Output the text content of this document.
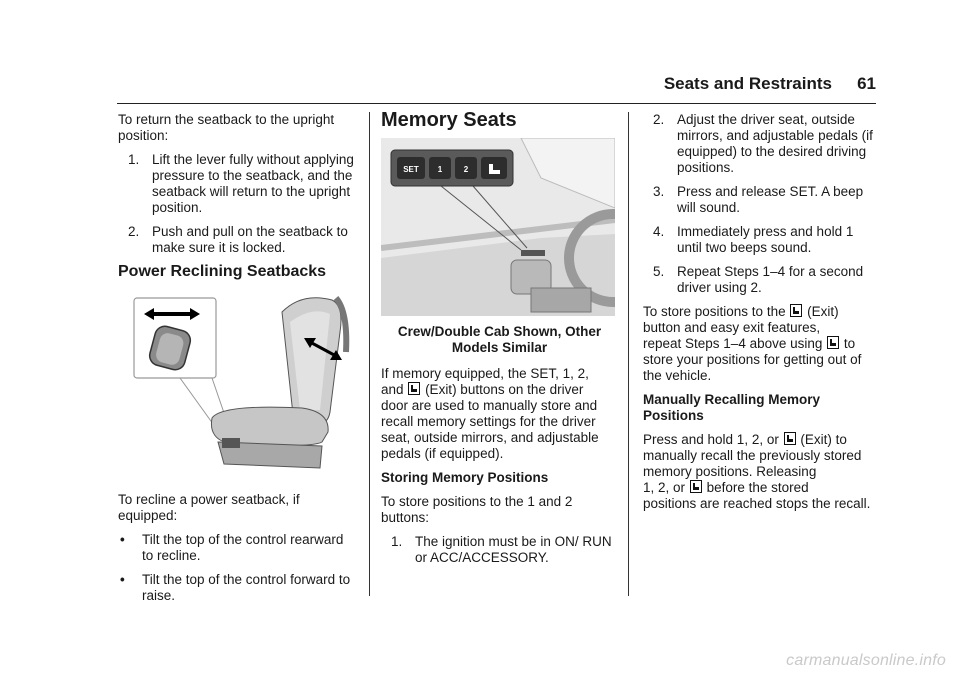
Seats and Restraints 61

To return the seatback to the upright position:

1. Lift the lever fully without applying pressure to the seatback, and the seatback will return to the upright position.
2. Push and pull on the seatback to make sure it is locked.
Power Reclining Seatbacks

To recline a power seatback, if equipped:

• Tilt the top of the control rearward to recline.
• Tilt the top of the control forward to raise.
Memory Seats
SET 1	2

Crew/Double Cab Shown, Other Models Similar

If memory equipped, the SET, 1, 2,
and (Exit) buttons on the driver
door are used to manually store and recall memory settings for the driver seat, outside mirrors, and adjustable pedals (if equipped).

Storing Memory Positions

To store positions to the 1 and 2 buttons:

1. The ignition must be in ON/ RUN or ACC/ACCESSORY.
2. Adjust the driver seat, outside mirrors, and adjustable pedals (if equipped) to the desired driving positions.
3. Press and release SET. A beep will sound.
4. Immediately press and hold 1 until two beeps sound.
5. Repeat Steps 1–4 for a second driver using 2.

To store positions to the (Exit)
button and easy exit features,
repeat Steps 1–4 above using to
store your positions for getting out of the vehicle.

Manually Recalling Memory Positions

Press and hold 1, 2, or (Exit) to
manually recall the previously stored memory positions. Releasing
1, 2, or before the stored
positions are reached stops the recall.

carmanualsonline.info
